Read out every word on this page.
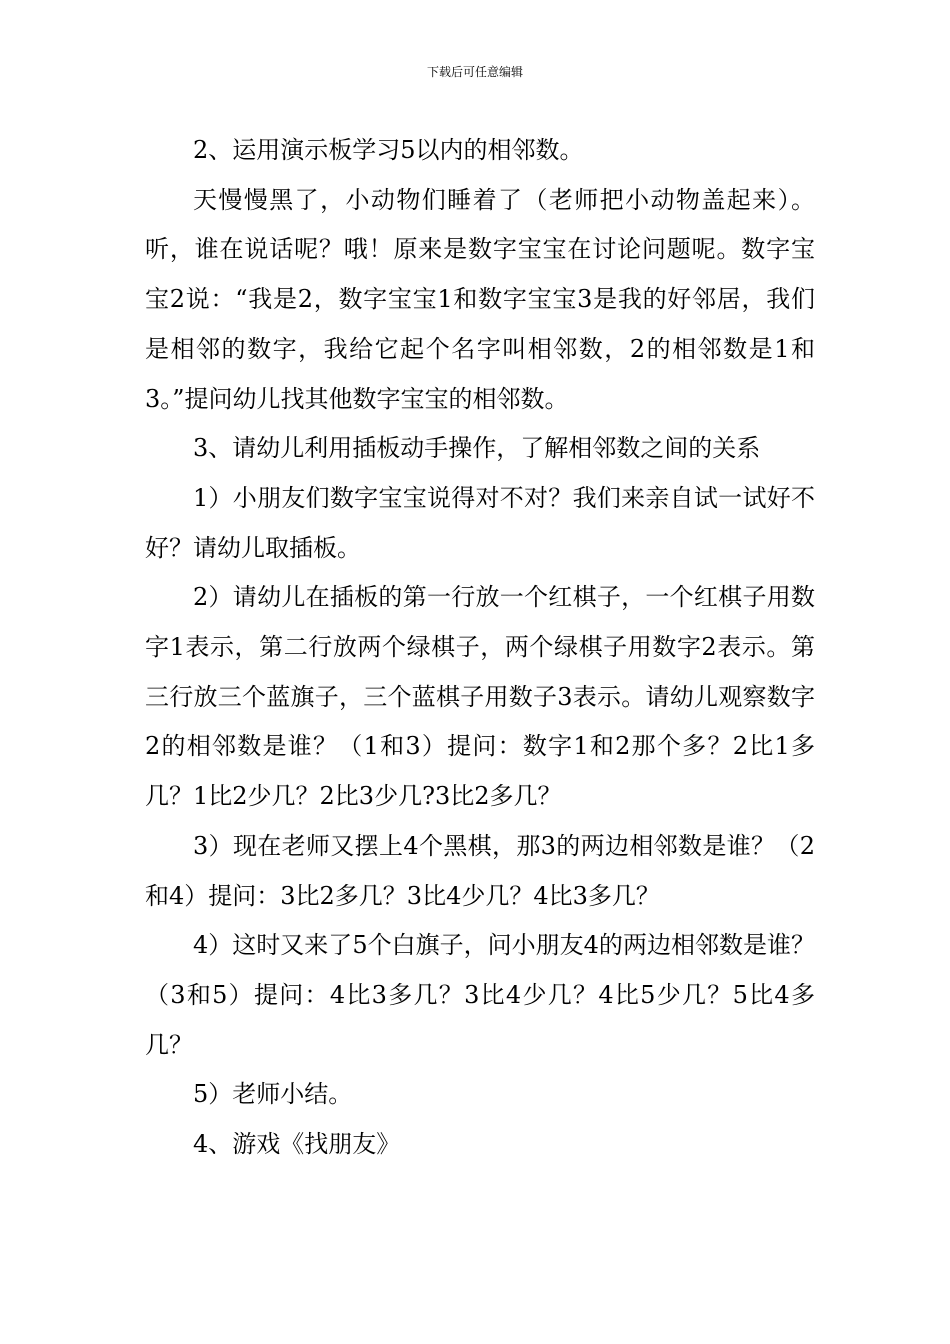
下载后可任意编辑

2、运用演示板学习5以内的相邻数。

天慢慢黑了，小动物们睡着了（老师把小动物盖起来）。听，谁在说话呢？哦！原来是数字宝宝在讨论问题呢。数字宝宝2说：“我是2，数字宝宝1和数字宝宝3是我的好邻居，我们是相邻的数字，我给它起个名字叫相邻数，2的相邻数是1和3。”提问幼儿找其他数字宝宝的相邻数。

3、请幼儿利用插板动手操作，了解相邻数之间的关系

1）小朋友们数字宝宝说得对不对？我们来亲自试一试好不好？请幼儿取插板。

2）请幼儿在插板的第一行放一个红棋子，一个红棋子用数字1表示，第二行放两个绿棋子，两个绿棋子用数字2表示。第三行放三个蓝旗子，三个蓝棋子用数子3表示。请幼儿观察数字2的相邻数是谁？（1和3）提问：数字1和2那个多？2比1多几？1比2少几？2比3少几?3比2多几？

3）现在老师又摆上4个黑棋，那3的两边相邻数是谁？（2和4）提问：3比2多几？3比4少几？4比3多几？

4）这时又来了5个白旗子，问小朋友4的两边相邻数是谁？（3和5）提问：4比3多几？3比4少几？4比5少几？5比4多几？

5）老师小结。

4、游戏《找朋友》
